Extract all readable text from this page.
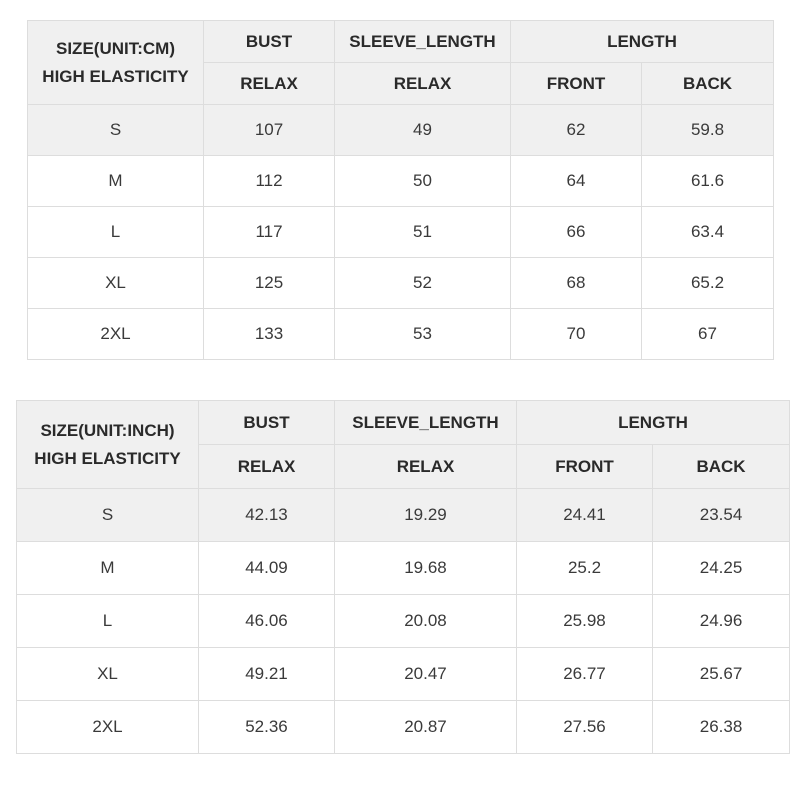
SIZE(UNIT:CM)
HIGH ELASTICITY	BUST	SLEEVE_LENGTH	LENGTH	
	RELAX	RELAX	FRONT	BACK
S	107	49	62	59.8
M	112	50	64	61.6
L	117	51	66	63.4
XL	125	52	68	65.2
2XL	133	53	70	67
SIZE(UNIT:INCH)
HIGH ELASTICITY	BUST	SLEEVE_LENGTH	LENGTH	
	RELAX	RELAX	FRONT	BACK
S	42.13	19.29	24.41	23.54
M	44.09	19.68	25.2	24.25
L	46.06	20.08	25.98	24.96
XL	49.21	20.47	26.77	25.67
2XL	52.36	20.87	27.56	26.38
